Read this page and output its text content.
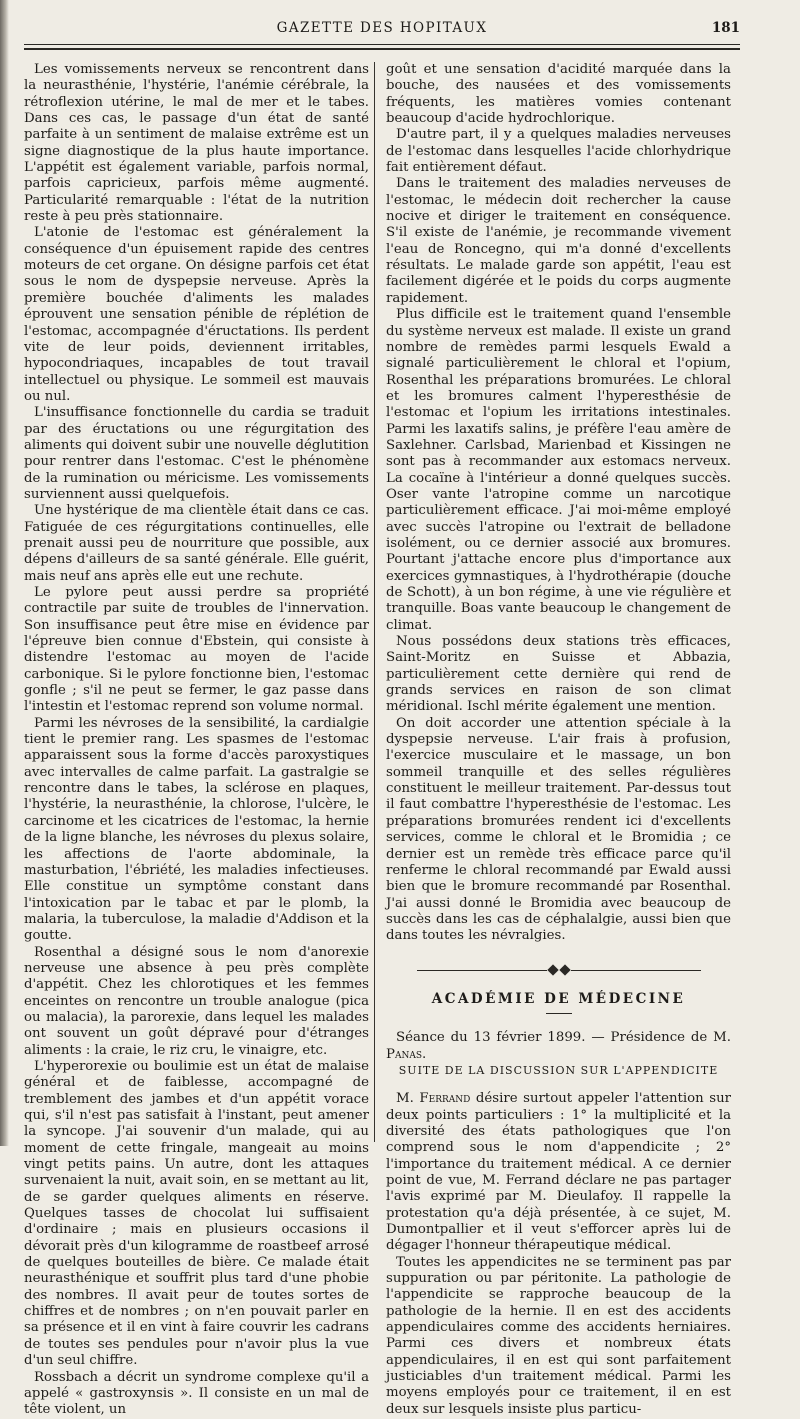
GAZETTE DES HOPITAUX	181

Les vomissements nerveux se rencontrent dans la neurasthénie, l'hystérie, l'anémie cérébrale, la rétroflexion utérine, le mal de mer et le tabes. Dans ces cas, le passage d'un état de santé parfaite à un sentiment de malaise extrême est un signe diagnostique de la plus haute importance. L'appétit est également variable, parfois normal, parfois capricieux, parfois même augmenté. Particularité remarquable : l'état de la nutrition reste à peu près stationnaire.

L'atonie de l'estomac est généralement la conséquence d'un épuisement rapide des centres moteurs de cet organe. On désigne parfois cet état sous le nom de dyspepsie nerveuse. Après la première bouchée d'aliments les malades éprouvent une sensation pénible de réplétion de l'estomac, accompagnée d'éructations. Ils perdent vite de leur poids, deviennent irritables, hypocondriaques, incapables de tout travail intellectuel ou physique. Le sommeil est mauvais ou nul.

L'insuffisance fonctionnelle du cardia se traduit par des éructations ou une régurgitation des aliments qui doivent subir une nouvelle déglutition pour rentrer dans l'estomac. C'est le phénomène de la rumination ou méricisme. Les vomissements surviennent aussi quelquefois.

Une hystérique de ma clientèle était dans ce cas. Fatiguée de ces régurgitations continuelles, elle prenait aussi peu de nourriture que possible, aux dépens d'ailleurs de sa santé générale. Elle guérit, mais neuf ans après elle eut une rechute.

Le pylore peut aussi perdre sa propriété contractile par suite de troubles de l'innervation. Son insuffisance peut être mise en évidence par l'épreuve bien connue d'Ebstein, qui consiste à distendre l'estomac au moyen de l'acide carbonique. Si le pylore fonctionne bien, l'estomac gonfle ; s'il ne peut se fermer, le gaz passe dans l'intestin et l'estomac reprend son volume normal.

Parmi les névroses de la sensibilité, la cardialgie tient le premier rang. Les spasmes de l'estomac apparaissent sous la forme d'accès paroxystiques avec intervalles de calme parfait. La gastralgie se rencontre dans le tabes, la sclérose en plaques, l'hystérie, la neurasthénie, la chlorose, l'ulcère, le carcinome et les cicatrices de l'estomac, la hernie de la ligne blanche, les névroses du plexus solaire, les affections de l'aorte abdominale, la masturbation, l'ébriété, les maladies infectieuses. Elle constitue un symptôme constant dans l'intoxication par le tabac et par le plomb, la malaria, la tuberculose, la maladie d'Addison et la goutte.

Rosenthal a désigné sous le nom d'anorexie nerveuse une absence à peu près complète d'appétit. Chez les chlorotiques et les femmes enceintes on rencontre un trouble analogue (pica ou malacia), la parorexie, dans lequel les malades ont souvent un goût dépravé pour d'étranges aliments : la craie, le riz cru, le vinaigre, etc.

L'hyperorexie ou boulimie est un état de malaise général et de faiblesse, accompagné de tremblement des jambes et d'un appétit vorace qui, s'il n'est pas satisfait à l'instant, peut amener la syncope. J'ai souvenir d'un malade, qui au moment de cette fringale, mangeait au moins vingt petits pains. Un autre, dont les attaques survenaient la nuit, avait soin, en se mettant au lit, de se garder quelques aliments en réserve. Quelques tasses de chocolat lui suffisaient d'ordinaire ; mais en plusieurs occasions il dévorait près d'un kilogramme de roastbeef arrosé de quelques bouteilles de bière. Ce malade était neurasthénique et souffrit plus tard d'une phobie des nombres. Il avait peur de toutes sortes de chiffres et de nombres ; on n'en pouvait parler en sa présence et il en vint à faire couvrir les cadrans de toutes ses pendules pour n'avoir plus la vue d'un seul chiffre.

Rossbach a décrit un syndrome complexe qu'il a appelé « gastroxynsis ». Il consiste en un mal de tête violent, un

goût et une sensation d'acidité marquée dans la bouche, des nausées et des vomissements fréquents, les matières vomies contenant beaucoup d'acide hydrochlorique.

D'autre part, il y a quelques maladies nerveuses de l'estomac dans lesquelles l'acide chlorhydrique fait entièrement défaut.

Dans le traitement des maladies nerveuses de l'estomac, le médecin doit rechercher la cause nocive et diriger le traitement en conséquence. S'il existe de l'anémie, je recommande vivement l'eau de Roncegno, qui m'a donné d'excellents résultats. Le malade garde son appétit, l'eau est facilement digérée et le poids du corps augmente rapidement.

Plus difficile est le traitement quand l'ensemble du système nerveux est malade. Il existe un grand nombre de remèdes parmi lesquels Ewald a signalé particulièrement le chloral et l'opium, Rosenthal les préparations bromurées. Le chloral et les bromures calment l'hyperesthésie de l'estomac et l'opium les irritations intestinales. Parmi les laxatifs salins, je préfère l'eau amère de Saxlehner. Carlsbad, Marienbad et Kissingen ne sont pas à recommander aux estomacs nerveux. La cocaïne à l'intérieur a donné quelques succès. Oser vante l'atropine comme un narcotique particulièrement efficace. J'ai moi-même employé avec succès l'atropine ou l'extrait de belladone isolément, ou ce dernier associé aux bromures. Pourtant j'attache encore plus d'importance aux exercices gymnastiques, à l'hydrothérapie (douche de Schott), à un bon régime, à une vie régulière et tranquille. Boas vante beaucoup le changement de climat.

Nous possédons deux stations très efficaces, Saint-Moritz en Suisse et Abbazia, particulièrement cette dernière qui rend de grands services en raison de son climat méridional. Ischl mérite également une mention.

On doit accorder une attention spéciale à la dyspepsie nerveuse. L'air frais à profusion, l'exercice musculaire et le massage, un bon sommeil tranquille et des selles régulières constituent le meilleur traitement. Par-dessus tout il faut combattre l'hyperesthésie de l'estomac. Les préparations bromurées rendent ici d'excellents services, comme le chloral et le Bromidia ; ce dernier est un remède très efficace parce qu'il renferme le chloral recommandé par Ewald aussi bien que le bromure recommandé par Rosenthal. J'ai aussi donné le Bromidia avec beaucoup de succès dans les cas de céphalalgie, aussi bien que dans toutes les névralgies.

ACADÉMIE DE MÉDECINE

Séance du 13 février 1899. — Présidence de M. Panas.

SUITE DE LA DISCUSSION SUR L'APPENDICITE

M. Ferrand désire surtout appeler l'attention sur deux points particuliers : 1° la multiplicité et la diversité des états pathologiques que l'on comprend sous le nom d'appendicite ; 2° l'importance du traitement médical. A ce dernier point de vue, M. Ferrand déclare ne pas partager l'avis exprimé par M. Dieulafoy. Il rappelle la protestation qu'a déjà présentée, à ce sujet, M. Dumontpallier et il veut s'efforcer après lui de dégager l'honneur thérapeutique médical.

Toutes les appendicites ne se terminent pas par suppuration ou par péritonite. La pathologie de l'appendicite se rapproche beaucoup de la pathologie de la hernie. Il en est des accidents appendiculaires comme des accidents herniaires. Parmi ces divers et nombreux états appendiculaires, il en est qui sont parfaitement justiciables d'un traitement médical. Parmi les moyens employés pour ce traitement, il en est deux sur lesquels insiste plus particu-
